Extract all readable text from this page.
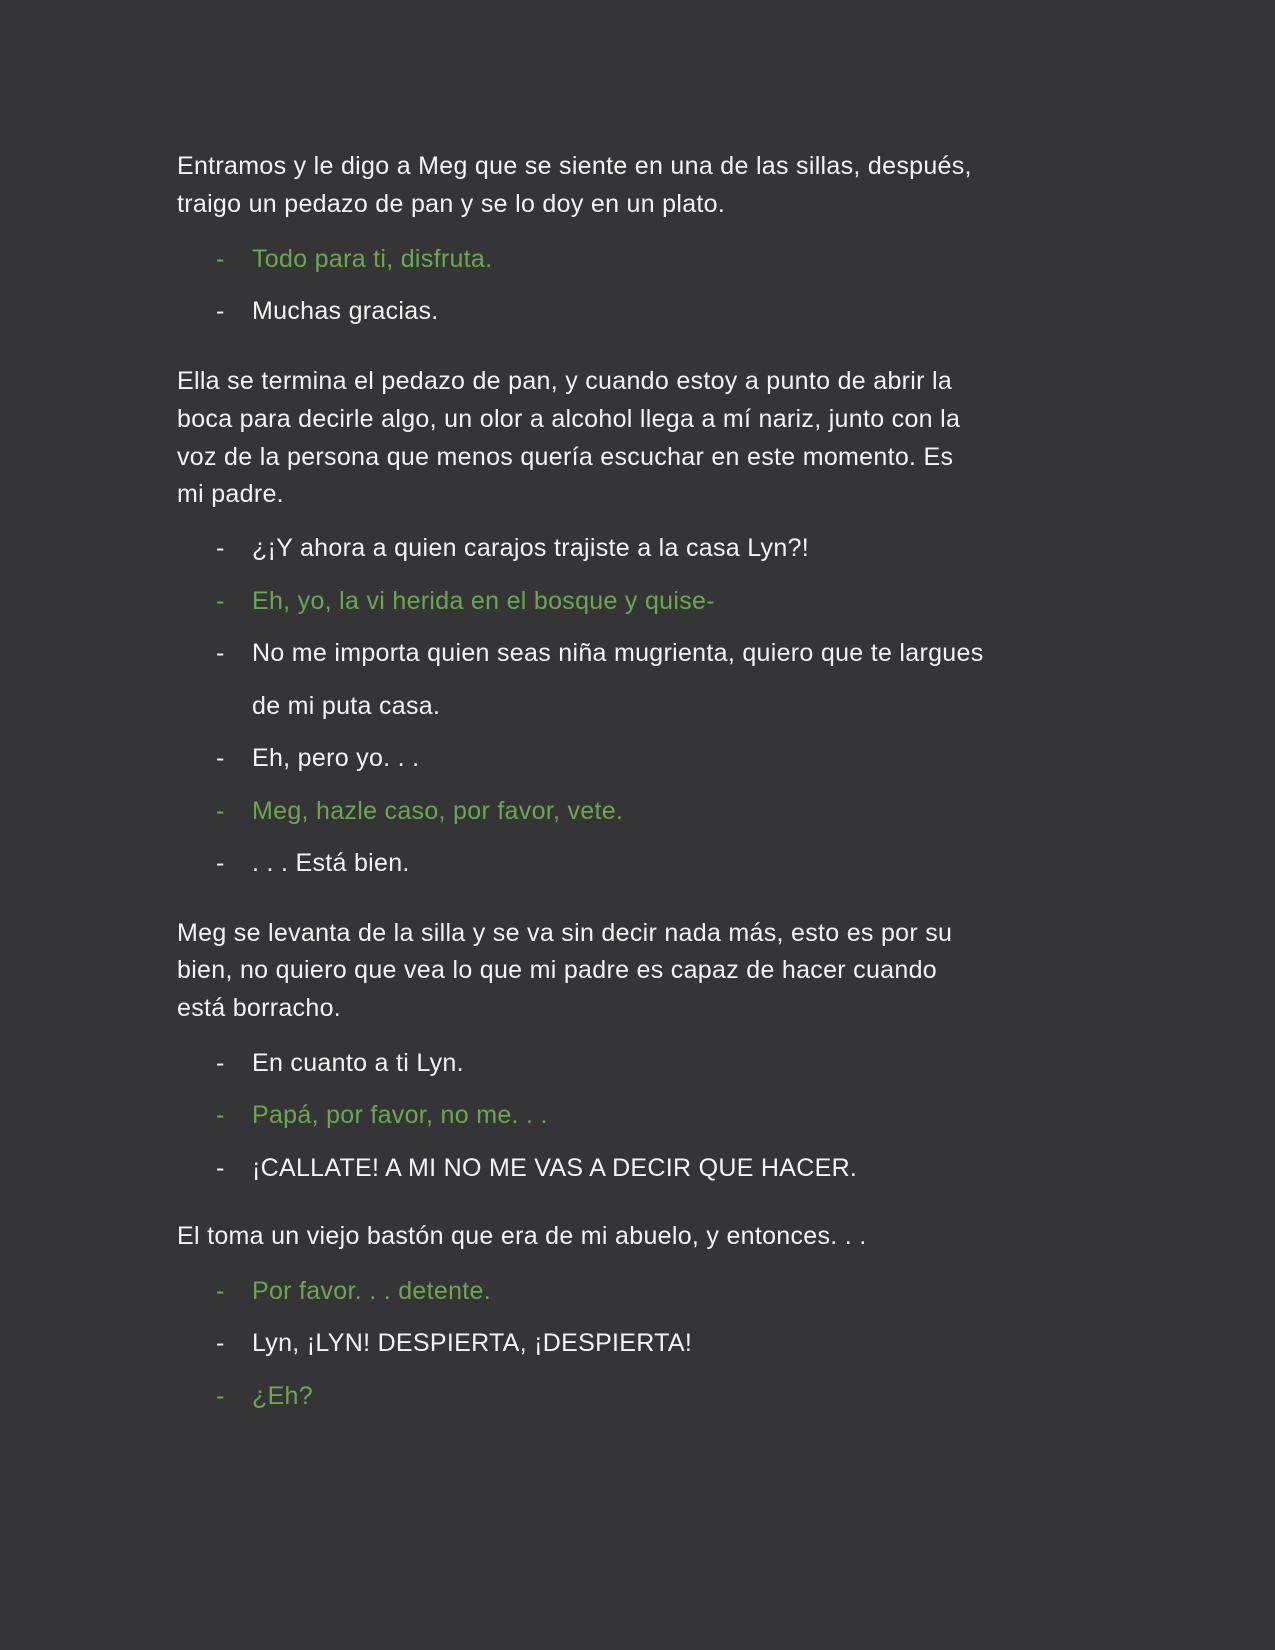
Entramos y le digo a Meg que se siente en una de las sillas, después,
traigo un pedazo de pan y se lo doy en un plato.
- Todo para ti, disfruta.
- Muchas gracias.
Ella se termina el pedazo de pan, y cuando estoy a punto de abrir la
boca para decirle algo, un olor a alcohol llega a mí nariz, junto con la
voz de la persona que menos quería escuchar en este momento. Es
mi padre.
- ¿¡Y ahora a quien carajos trajiste a la casa Lyn?!
- Eh, yo, la vi herida en el bosque y quise-
- No me importa quien seas niña mugrienta, quiero que te largues
de mi puta casa.
- Eh, pero yo. . .
- Meg, hazle caso, por favor, vete.
- . . . Está bien.
Meg se levanta de la silla y se va sin decir nada más, esto es por su
bien, no quiero que vea lo que mi padre es capaz de hacer cuando
está borracho.
- En cuanto a ti Lyn.
- Papá, por favor, no me. . .
- ¡CALLATE! A MI NO ME VAS A DECIR QUE HACER.
El toma un viejo bastón que era de mi abuelo, y entonces. . .
- Por favor. . . detente.
- Lyn, ¡LYN! DESPIERTA, ¡DESPIERTA!
- ¿Eh?
